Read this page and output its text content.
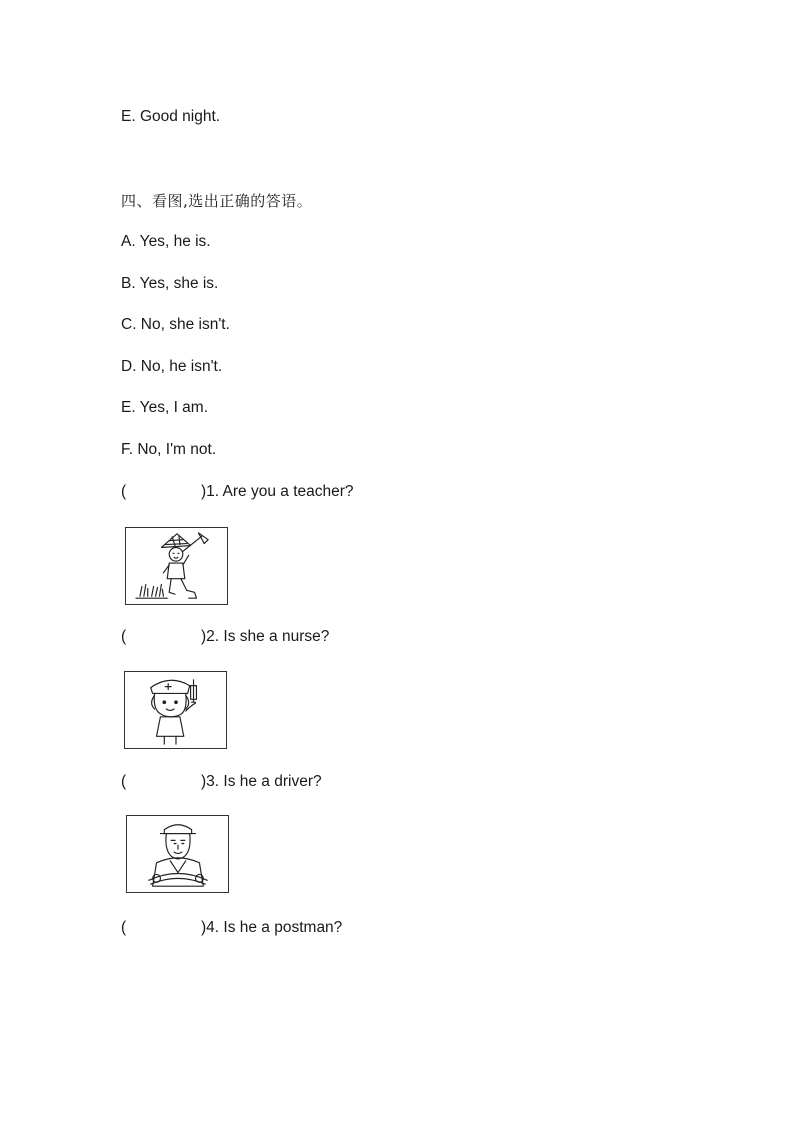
E. Good night.
四、看图,选出正确的答语。
A. Yes, he is.
B. Yes, she is.
C. No, she isn't.
D. No, he isn't.
E. Yes, I am.
F. No, I'm not.
(	)1. Are you a teacher?
(	)2. Is she a nurse?
(	)3. Is he a driver?
(	)4. Is he a postman?
